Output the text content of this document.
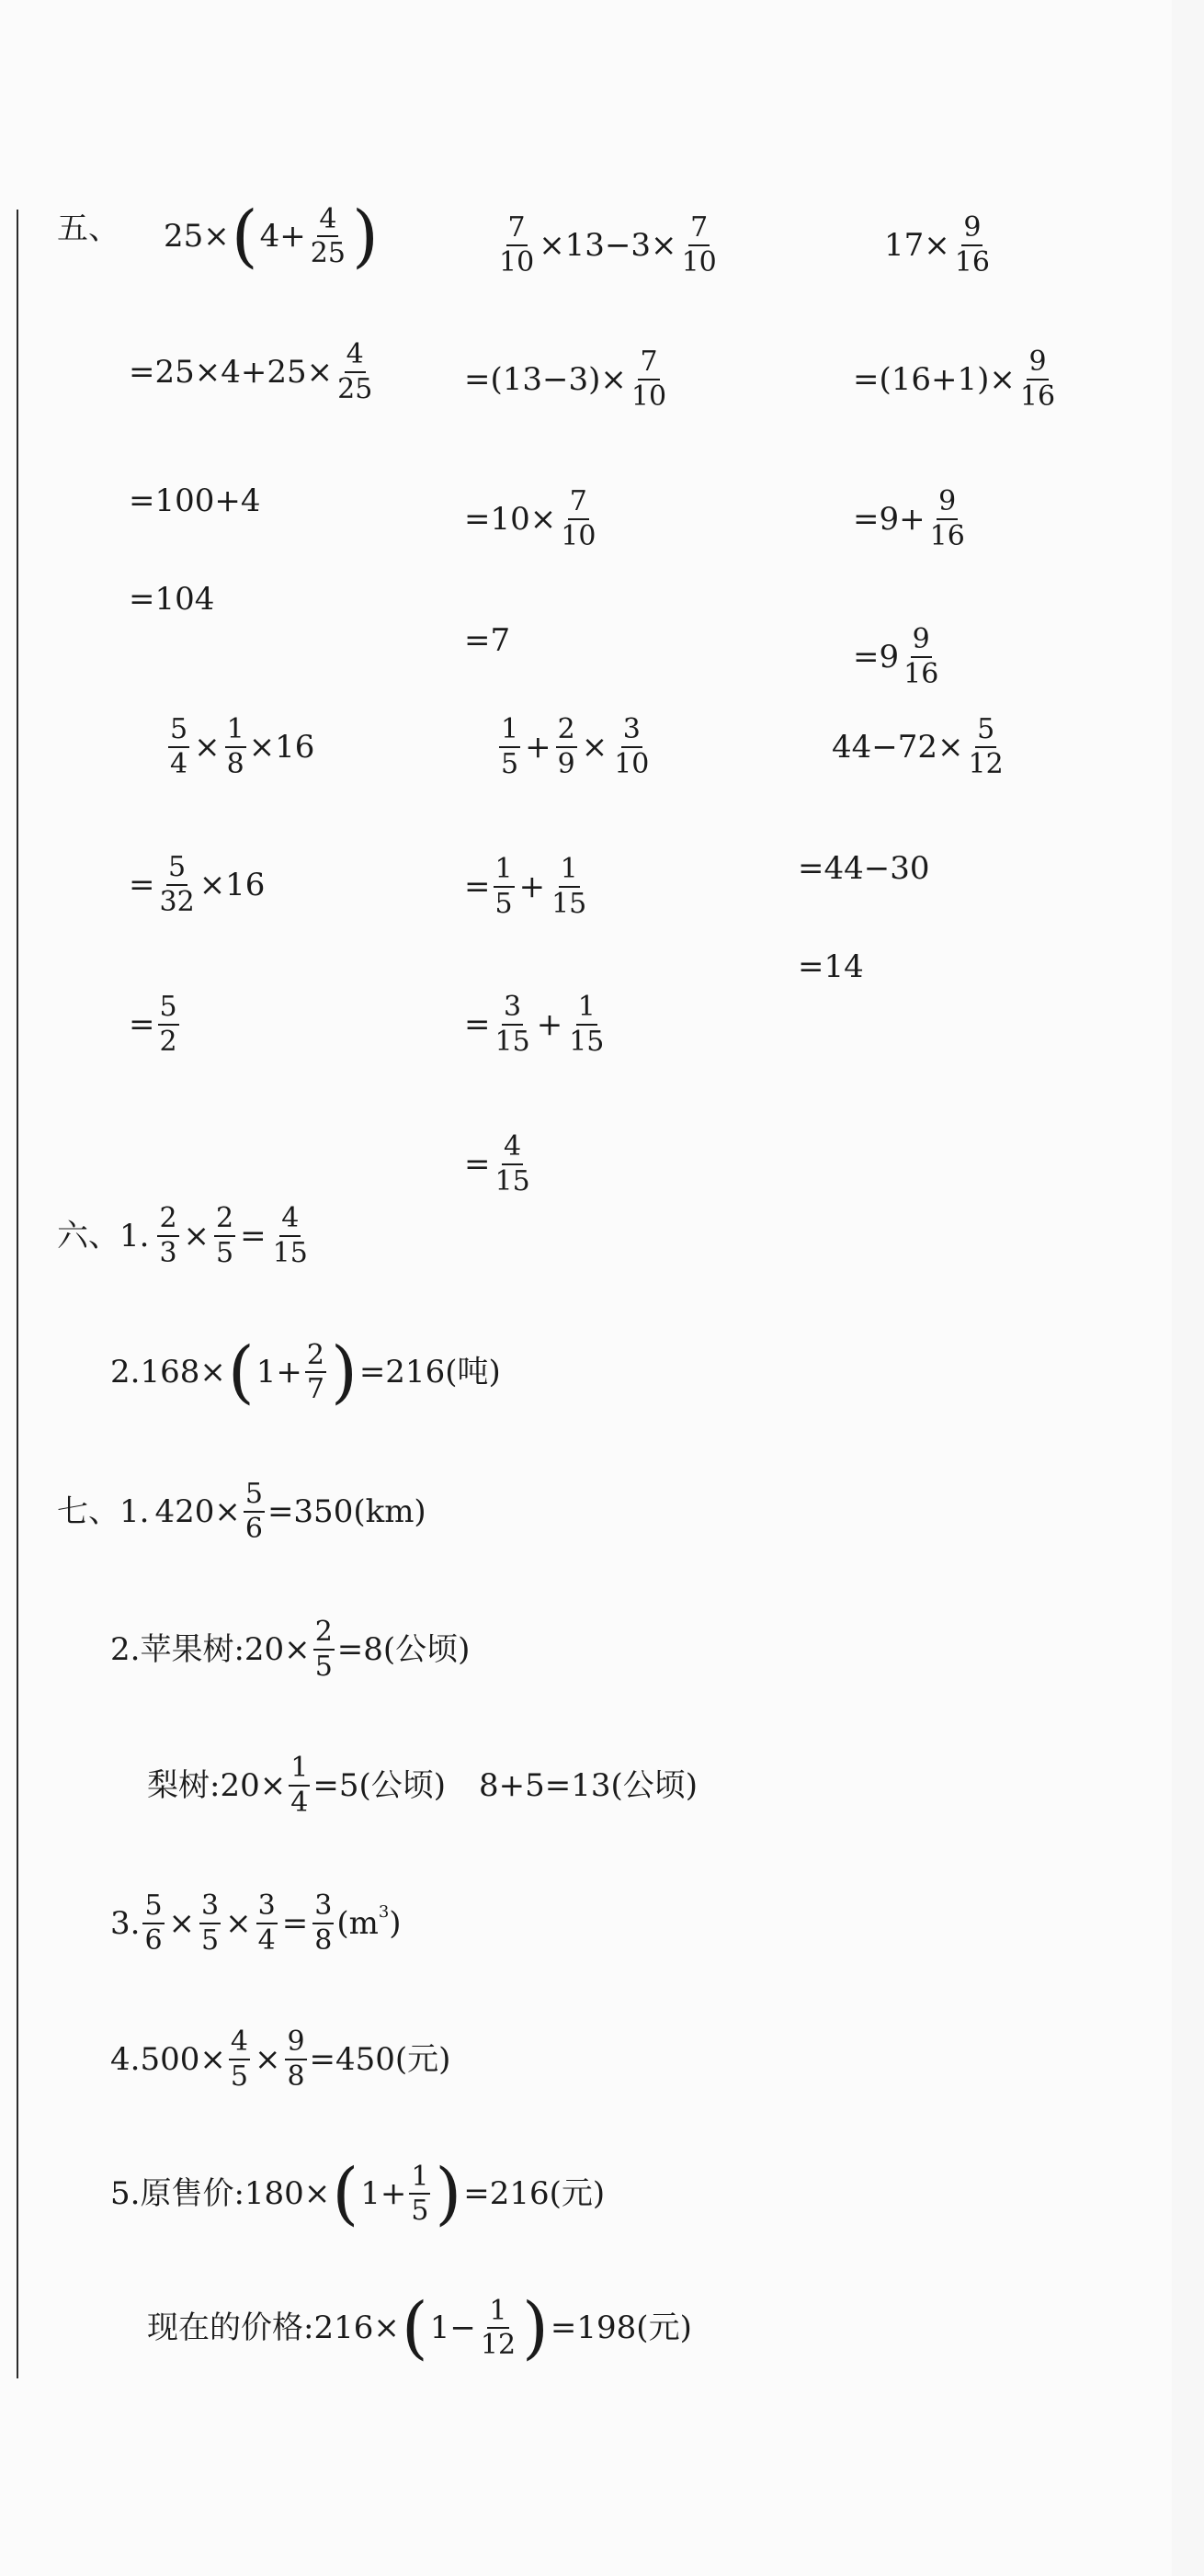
五、 25× ( $4+ \frac{4}{25}$ )
$=25\times 4+25\times \frac{4}{25}$
=100+4
=104
$\frac{7}{10} \times 13-3\times \frac{7}{10}$
$=(13-3)\times \frac{7}{10}$
$=10\times \frac{7}{10}$
=7
$17\times \frac{9}{16}$
$=(16+1)\times \frac{9}{16}$
$=9+ \frac{9}{16}$
$=9 \frac{9}{16}$
$\frac{5}{4} \times \frac{1}{8} \times 16$
= $\frac{5}{32} \times 16$
= $\frac{5}{2}$
$\frac{1}{5} + \frac{2}{9} \times \frac{3}{10}$
= $\frac{1}{5} + \frac{1}{15}$
= $\frac{3}{15} + \frac{1}{15}$
= $\frac{4}{15}$
$44-72\times \frac{5}{12}$
=44−30
=14
六、1. $\frac{2}{3} \times \frac{2}{5} = \frac{4}{15}$
2. 168× ( $1+ \frac{2}{7}$ ) =216(吨)
七、1. $420\times \frac{5}{6} =350(km)$
2. 苹果树: $20\times \frac{2}{5} =8$(公顷)
梨树: $20\times \frac{1}{4} =5$(公顷) 8+5=13(公顷)
3. $\frac{5}{6} \times \frac{3}{5} \times \frac{3}{4} = \frac{3}{8} (m$ 3 )
4. $500\times \frac{4}{5} \times \frac{9}{8} =450$(元)
5. 原售价: 180× ( $1+ \frac{1}{5}$ ) =216(元)
现在的价格: 216× ( $1- \frac{1}{12}$ ) =198(元)
